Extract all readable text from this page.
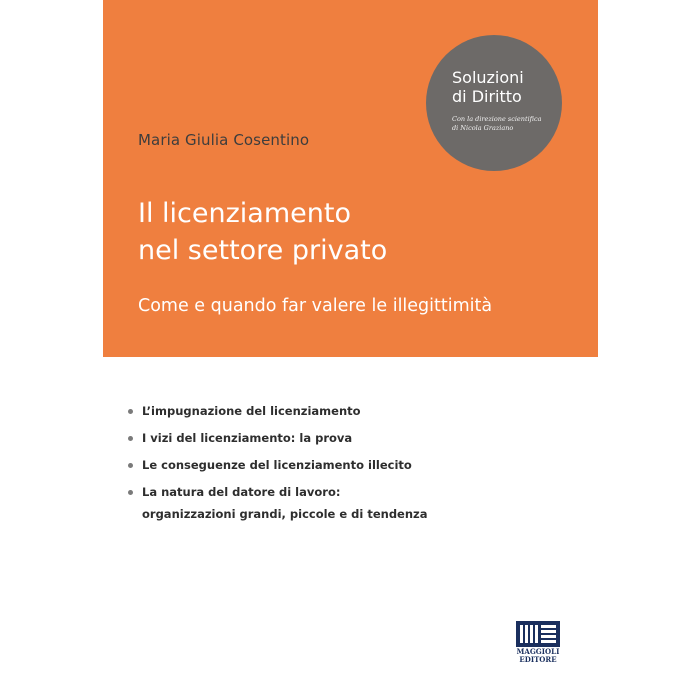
Maria Giulia Cosentino
Il licenziamento
nel settore privato
Come e quando far valere le illegittimità
Soluzioni
di Diritto
Con la direzione scientifica
di Nicola Graziano
L’impugnazione del licenziamento
I vizi del licenziamento: la prova
Le conseguenze del licenziamento illecito
La natura del datore di lavoro:
organizzazioni grandi, piccole e di tendenza
MAGGIOLI
EDITORE
